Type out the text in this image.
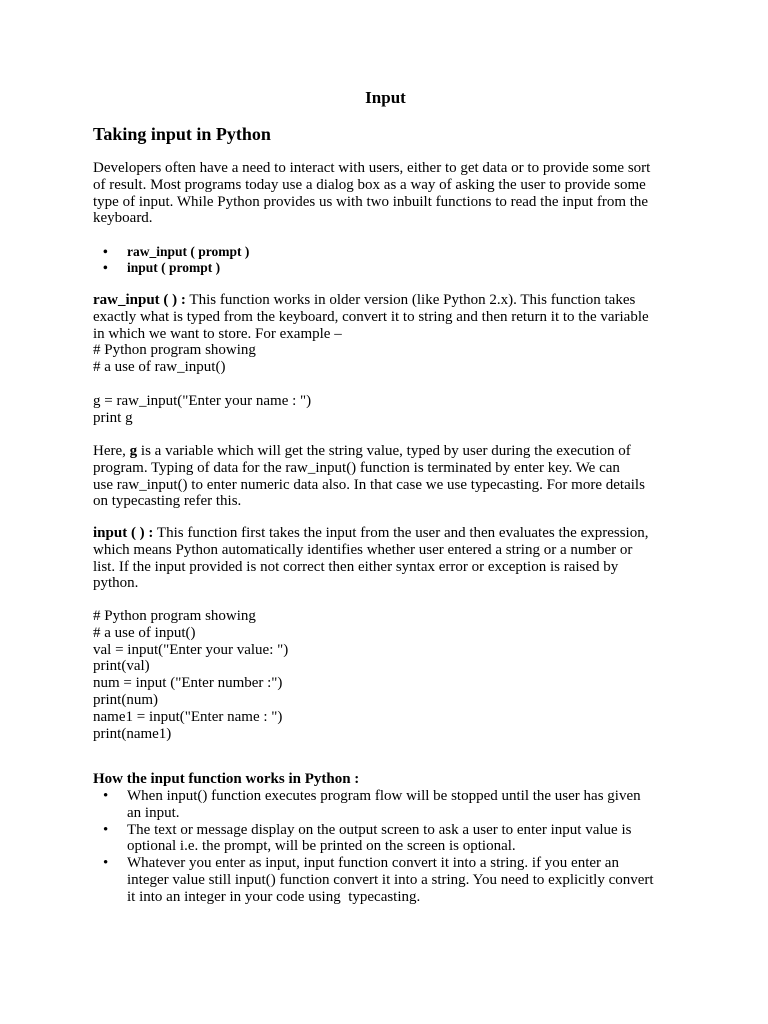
Input
Taking input in Python

Developers often have a need to interact with users, either to get data or to provide some sort
of result. Most programs today use a dialog box as a way of asking the user to provide some
type of input. While Python provides us with two inbuilt functions to read the input from the
keyboard.

• raw_input ( prompt )
• input ( prompt )

raw_input ( ) : This function works in older version (like Python 2.x). This function takes
exactly what is typed from the keyboard, convert it to string and then return it to the variable
in which we want to store. For example –
# Python program showing
# a use of raw_input()

g = raw_input("Enter your name : ")
print g

Here, g is a variable which will get the string value, typed by user during the execution of
program. Typing of data for the raw_input() function is terminated by enter key. We can
use raw_input() to enter numeric data also. In that case we use typecasting. For more details
on typecasting refer this.

input ( ) : This function first takes the input from the user and then evaluates the expression,
which means Python automatically identifies whether user entered a string or a number or
list. If the input provided is not correct then either syntax error or exception is raised by
python.

# Python program showing
# a use of input()
val = input("Enter your value: ")
print(val)
num = input ("Enter number :")
print(num)
name1 = input("Enter name : ")
print(name1)

How the input function works in Python :

• When input() function executes program flow will be stopped until the user has given
an input.
• The text or message display on the output screen to ask a user to enter input value is
optional i.e. the prompt, will be printed on the screen is optional.
• Whatever you enter as input, input function convert it into a string. if you enter an
integer value still input() function convert it into a string. You need to explicitly convert
it into an integer in your code using  typecasting.
